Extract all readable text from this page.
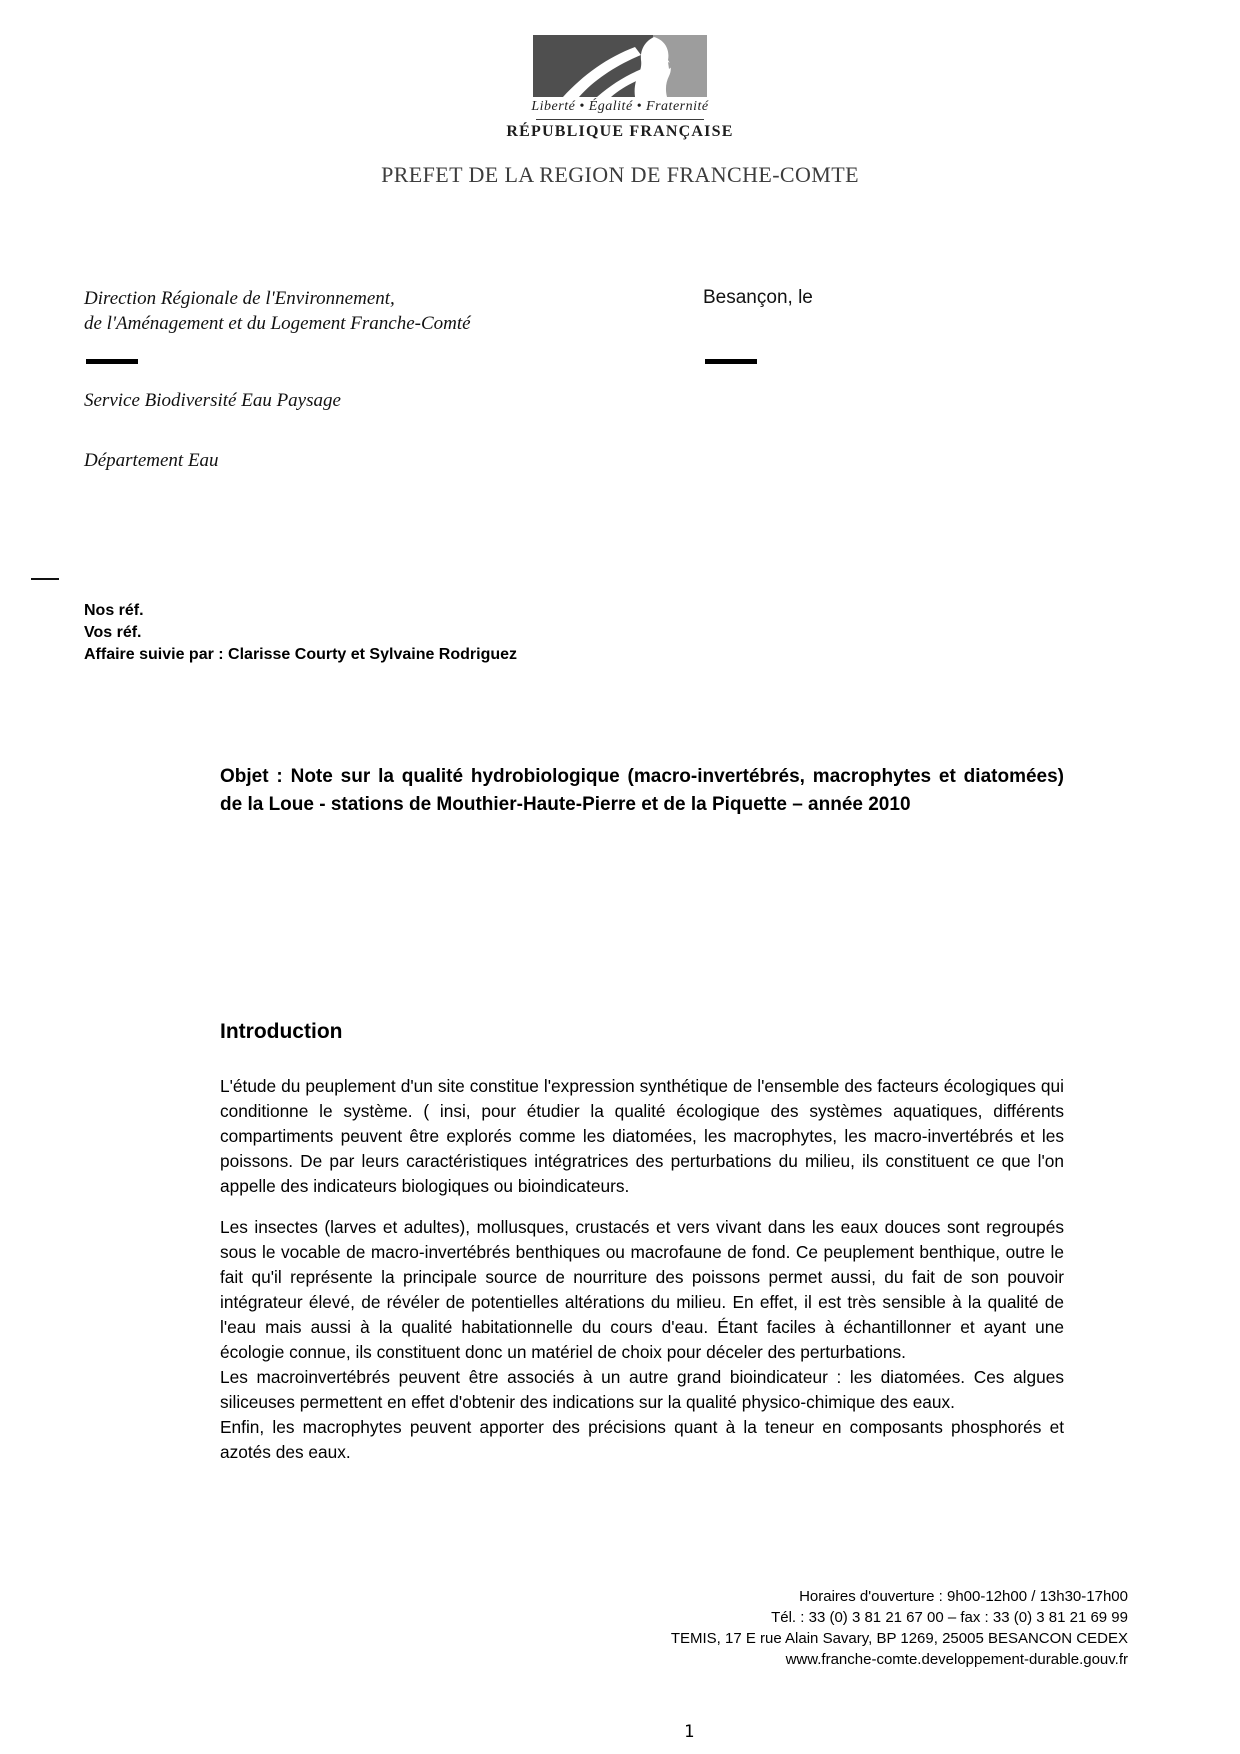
Liberté • Égalité • Fraternité
RÉPUBLIQUE FRANÇAISE
PREFET DE LA REGION DE FRANCHE-COMTE
Direction Régionale de l'Environnement,
de l'Aménagement et du Logement Franche-Comté
Besançon, le
Service Biodiversité Eau Paysage
Département Eau
Nos réf.
Vos réf.
Affaire suivie par : Clarisse Courty et Sylvaine Rodriguez
Objet : Note sur la qualité hydrobiologique (macro-invertébrés, macrophytes et diatomées) de la Loue - stations de Mouthier-Haute-Pierre et de la Piquette – année 2010
Introduction

L'étude du peuplement d'un site constitue l'expression synthétique de l'ensemble des facteurs écologiques qui conditionne le système. ( insi, pour étudier la qualité écologique des systèmes aquatiques, différents compartiments peuvent être explorés comme les diatomées, les macrophytes, les macro-invertébrés et les poissons. De par leurs caractéristiques intégratrices des perturbations du milieu, ils constituent ce que l'on appelle des indicateurs biologiques ou bioindicateurs.

Les insectes (larves et adultes), mollusques, crustacés et vers vivant dans les eaux douces sont regroupés sous le vocable de macro-invertébrés benthiques ou macrofaune de fond. Ce peuplement benthique, outre le fait qu'il représente la principale source de nourriture des poissons permet aussi, du fait de son pouvoir intégrateur élevé, de révéler de potentielles altérations du milieu. En effet, il est très sensible à la qualité de l'eau mais aussi à la qualité habitationnelle du cours d'eau. Étant faciles à échantillonner et ayant une écologie connue, ils constituent donc un matériel de choix pour déceler des perturbations.

Les macroinvertébrés peuvent être associés à un autre grand bioindicateur : les diatomées. Ces algues siliceuses permettent en effet d'obtenir des indications sur la qualité physico-chimique des eaux.

Enfin, les macrophytes peuvent apporter des précisions quant à la teneur en composants phosphorés et azotés des eaux.

Horaires d'ouverture : 9h00-12h00 / 13h30-17h00
Tél. : 33 (0) 3 81 21 67 00 – fax : 33 (0) 3 81 21 69 99
TEMIS, 17 E rue Alain Savary, BP 1269, 25005 BESANCON CEDEX
www.franche-comte.developpement-durable.gouv.fr
1
